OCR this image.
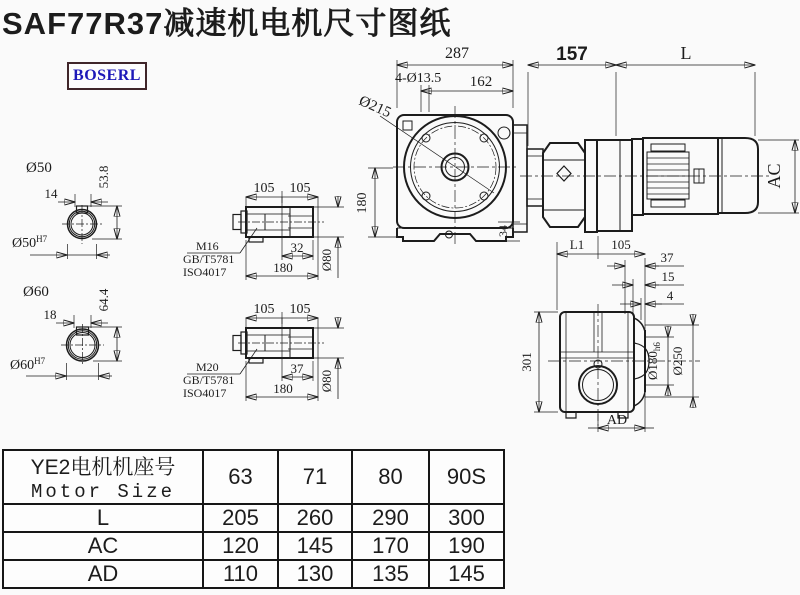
SAF77R37减速机电机尺寸图纸
BOSERL
287
162
4-Ø13.5
Ø215
180
34
157	L
AC
Ø50
14
53.8
$Ø50^{H7}$
Ø60
18
64.4
$Ø60^{H7}$
105 105
M16
GB/T5781
ISO4017
32
180 Ø80
105 105
M20
GB/T5781
ISO4017
37
180 Ø80
L1 105
37
15
4
301
AD
$Ø180_{h6}$ Ø250
YE2电机机座号
Motor Size	63	71	80	90S
L	205	260	290	300
AC	120	145	170	190
AD	110	130	135	145
